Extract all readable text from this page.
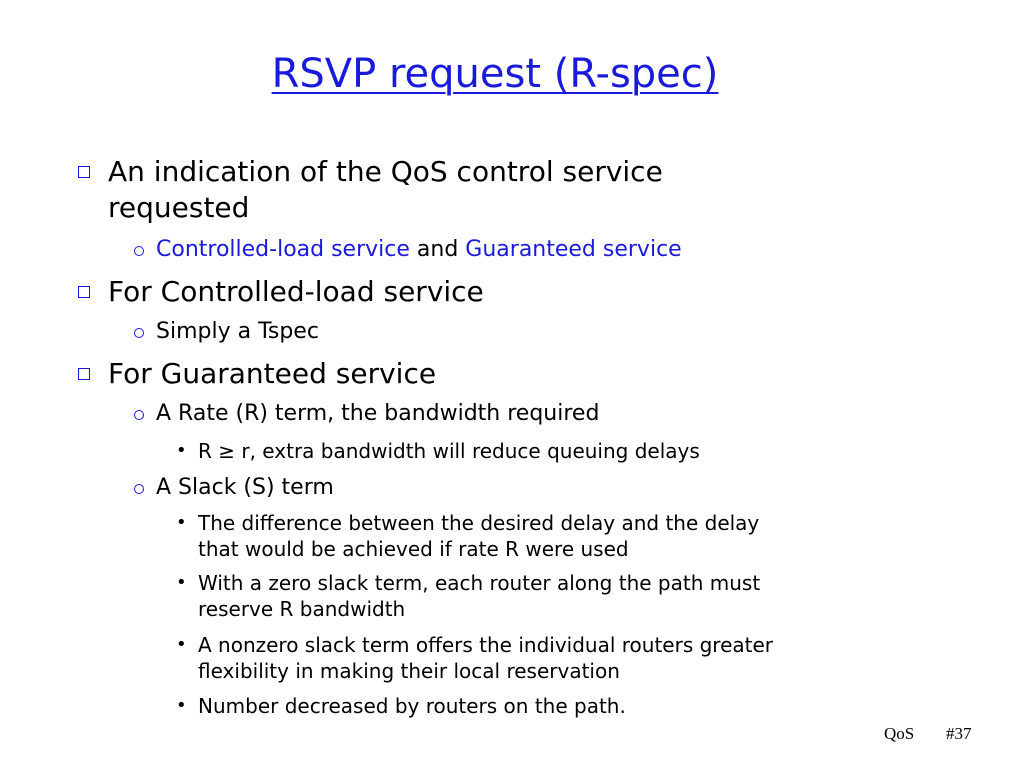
RSVP request (R-spec)
An indication of the QoS control service
requested
Controlled-load service and Guaranteed service
For Controlled-load service
Simply a Tspec
For Guaranteed service
A Rate (R) term, the bandwidth required
• R ≥ r, extra bandwidth will reduce queuing delays
A Slack (S) term
• The difference between the desired delay and the delay
that would be achieved if rate R were used
• With a zero slack term, each router along the path must
reserve R bandwidth
• A nonzero slack term offers the individual routers greater
flexibility in making their local reservation
• Number decreased by routers on the path.
QoS #37
